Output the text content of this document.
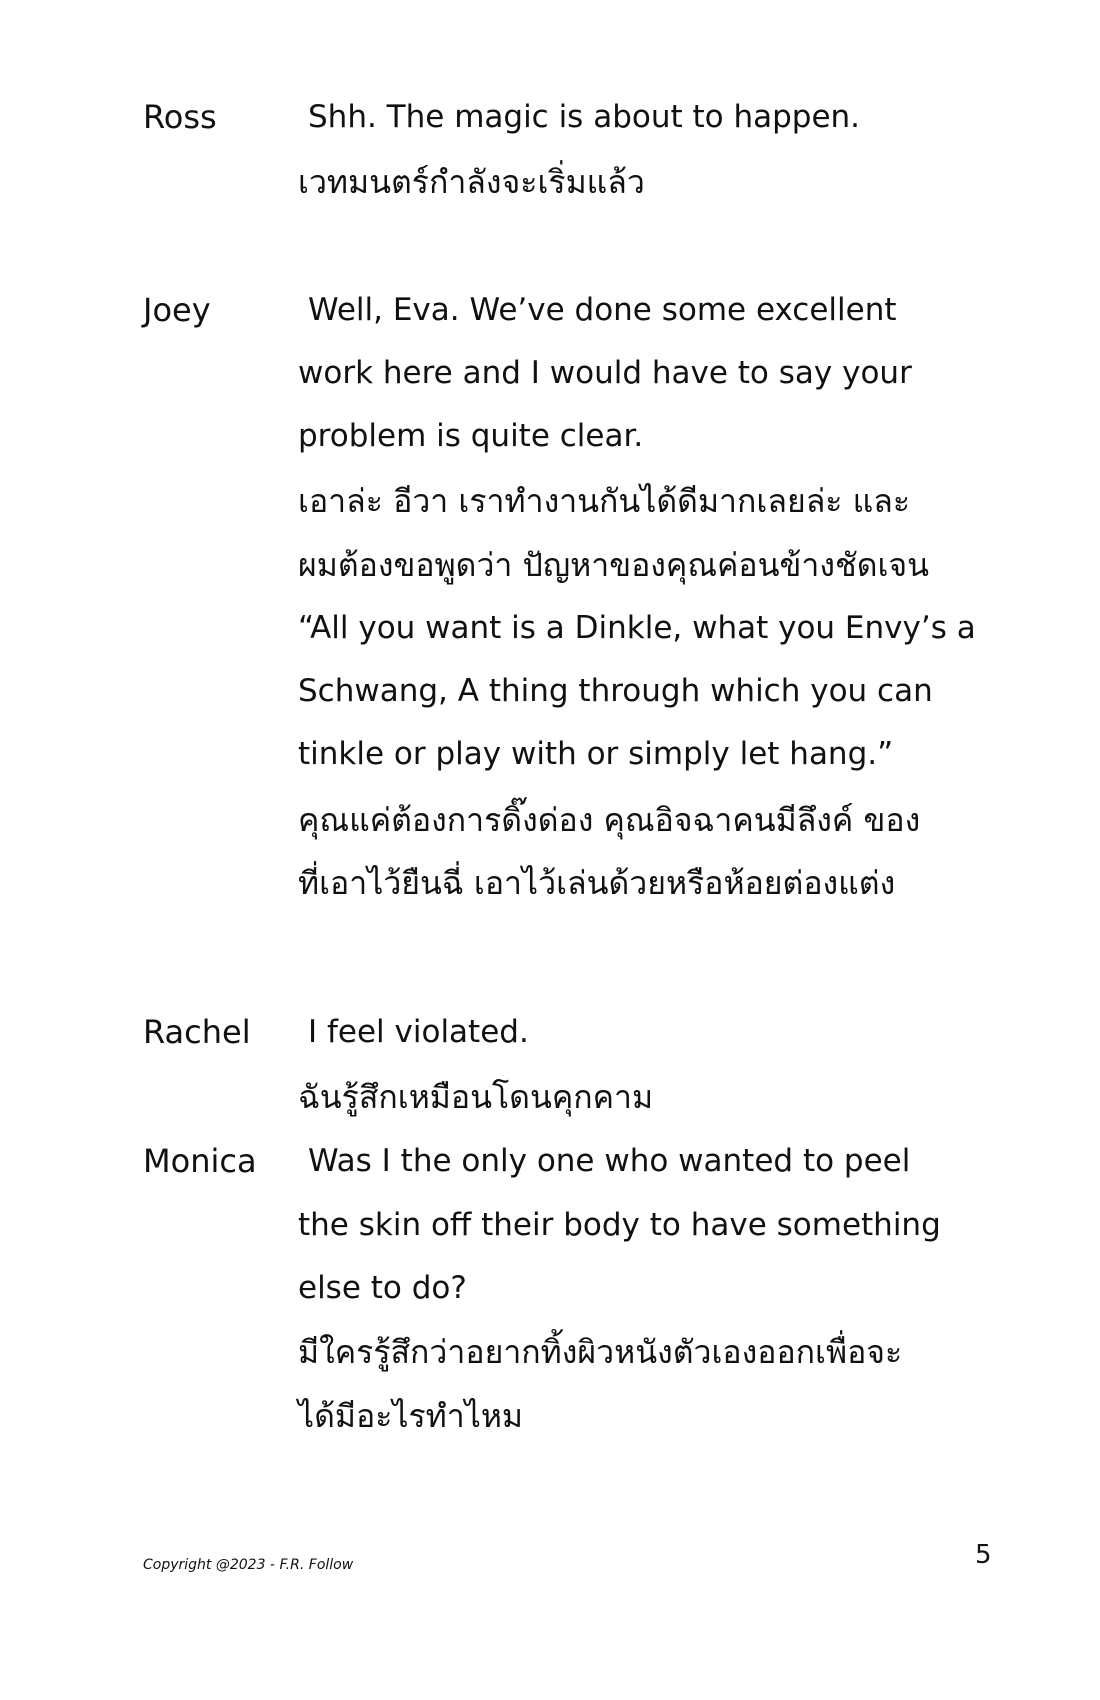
Ross	Shh. The magic is about to happen.
เวทมนตร์กำลังจะเริ่มแล้ว
Joey	Well, Eva. We’ve done some excellent
work here and I would have to say your
problem is quite clear.
เอาล่ะ อีวา เราทำงานกันได้ดีมากเลยล่ะ และ
ผมต้องขอพูดว่า ปัญหาของคุณค่อนข้างชัดเจน
“All you want is a Dinkle, what you Envy’s a
Schwang, A thing through which you can
tinkle or play with or simply let hang.”
คุณแค่ต้องการดิ๊งด่อง คุณอิจฉาคนมีลึงค์ ของ
ที่เอาไว้ยืนฉี่ เอาไว้เล่นด้วยหรือห้อยต่องแต่ง
Rachel I feel violated.
ฉันรู้สึกเหมือนโดนคุกคาม
Monica Was I the only one who wanted to peel
the skin off their body to have something
else to do?
มีใครรู้สึกว่าอยากทิ้งผิวหนังตัวเองออกเพื่อจะ
ได้มีอะไรทำไหม
Copyright @2023 - F.R. Follow	5
